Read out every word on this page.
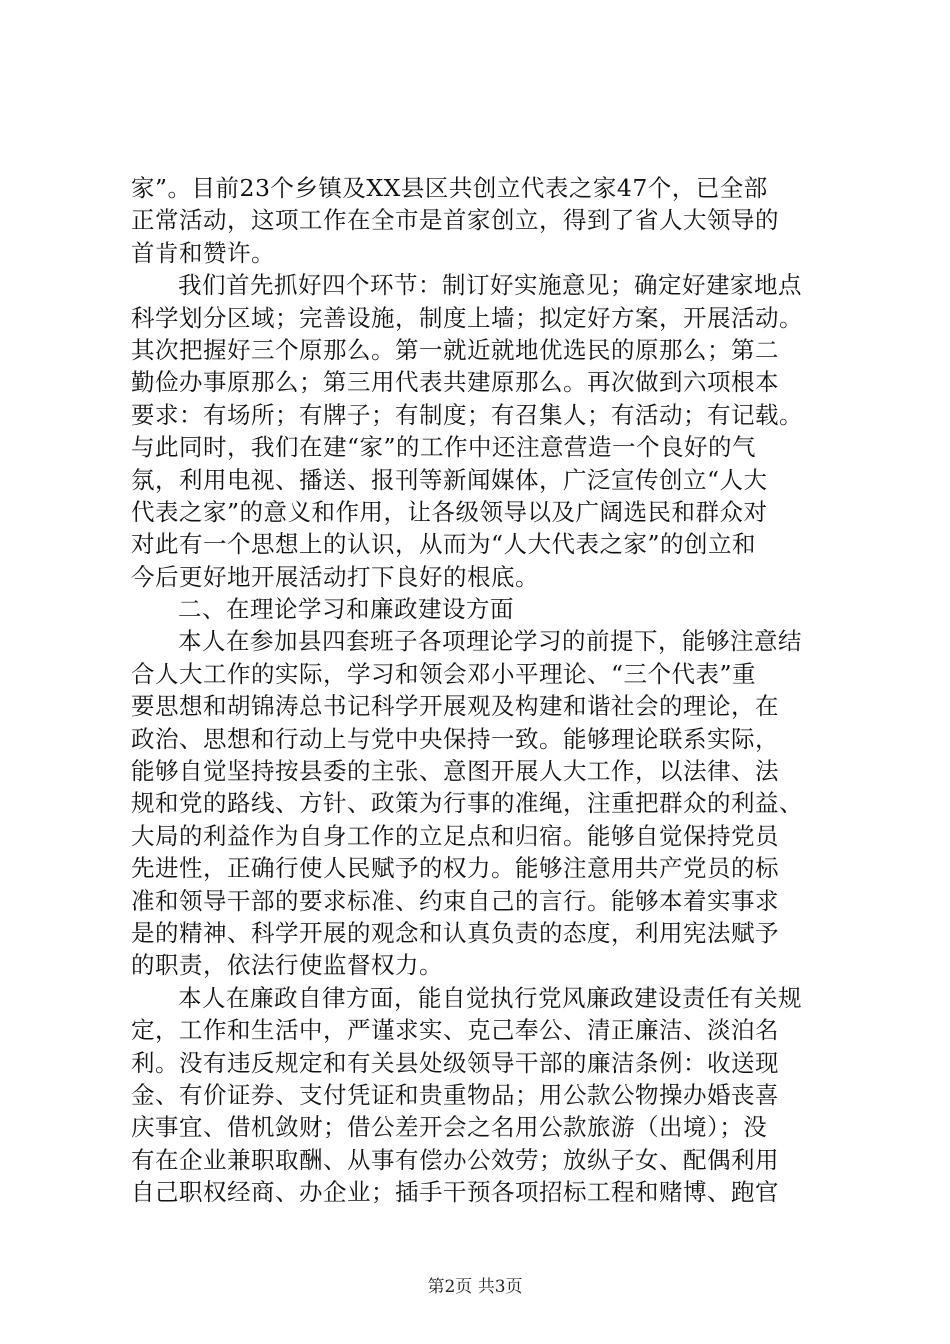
家”。目前23个乡镇及XX县区共创立代表之家47个，已全部
正常活动，这项工作在全市是首家创立，得到了省人大领导的
首肯和赞许。
我们首先抓好四个环节：制订好实施意见；确定好建家地点
科学划分区域；完善设施，制度上墙；拟定好方案，开展活动。
其次把握好三个原那么。第一就近就地优选民的原那么；第二
勤俭办事原那么；第三用代表共建原那么。再次做到六项根本
要求：有场所；有牌子；有制度；有召集人；有活动；有记载。
与此同时，我们在建“家”的工作中还注意营造一个良好的气
氛，利用电视、播送、报刊等新闻媒体，广泛宣传创立“人大
代表之家”的意义和作用，让各级领导以及广阔选民和群众对
对此有一个思想上的认识，从而为“人大代表之家”的创立和
今后更好地开展活动打下良好的根底。
二、在理论学习和廉政建设方面
本人在参加县四套班子各项理论学习的前提下，能够注意结
合人大工作的实际，学习和领会邓小平理论、“三个代表”重
要思想和胡锦涛总书记科学开展观及构建和谐社会的理论，在
政治、思想和行动上与党中央保持一致。能够理论联系实际，
能够自觉坚持按县委的主张、意图开展人大工作，以法律、法
规和党的路线、方针、政策为行事的准绳，注重把群众的利益、
大局的利益作为自身工作的立足点和归宿。能够自觉保持党员
先进性，正确行使人民赋予的权力。能够注意用共产党员的标
准和领导干部的要求标准、约束自己的言行。能够本着实事求
是的精神、科学开展的观念和认真负责的态度，利用宪法赋予
的职责，依法行使监督权力。
本人在廉政自律方面，能自觉执行党风廉政建设责任有关规
定，工作和生活中，严谨求实、克己奉公、清正廉洁、淡泊名
利。没有违反规定和有关县处级领导干部的廉洁条例：收送现
金、有价证券、支付凭证和贵重物品；用公款公物操办婚丧喜
庆事宜、借机敛财；借公差开会之名用公款旅游（出境）；没
有在企业兼职取酬、从事有偿办公效劳；放纵子女、配偶利用
自己职权经商、办企业；插手干预各项招标工程和赌博、跑官
第2页 共3页
